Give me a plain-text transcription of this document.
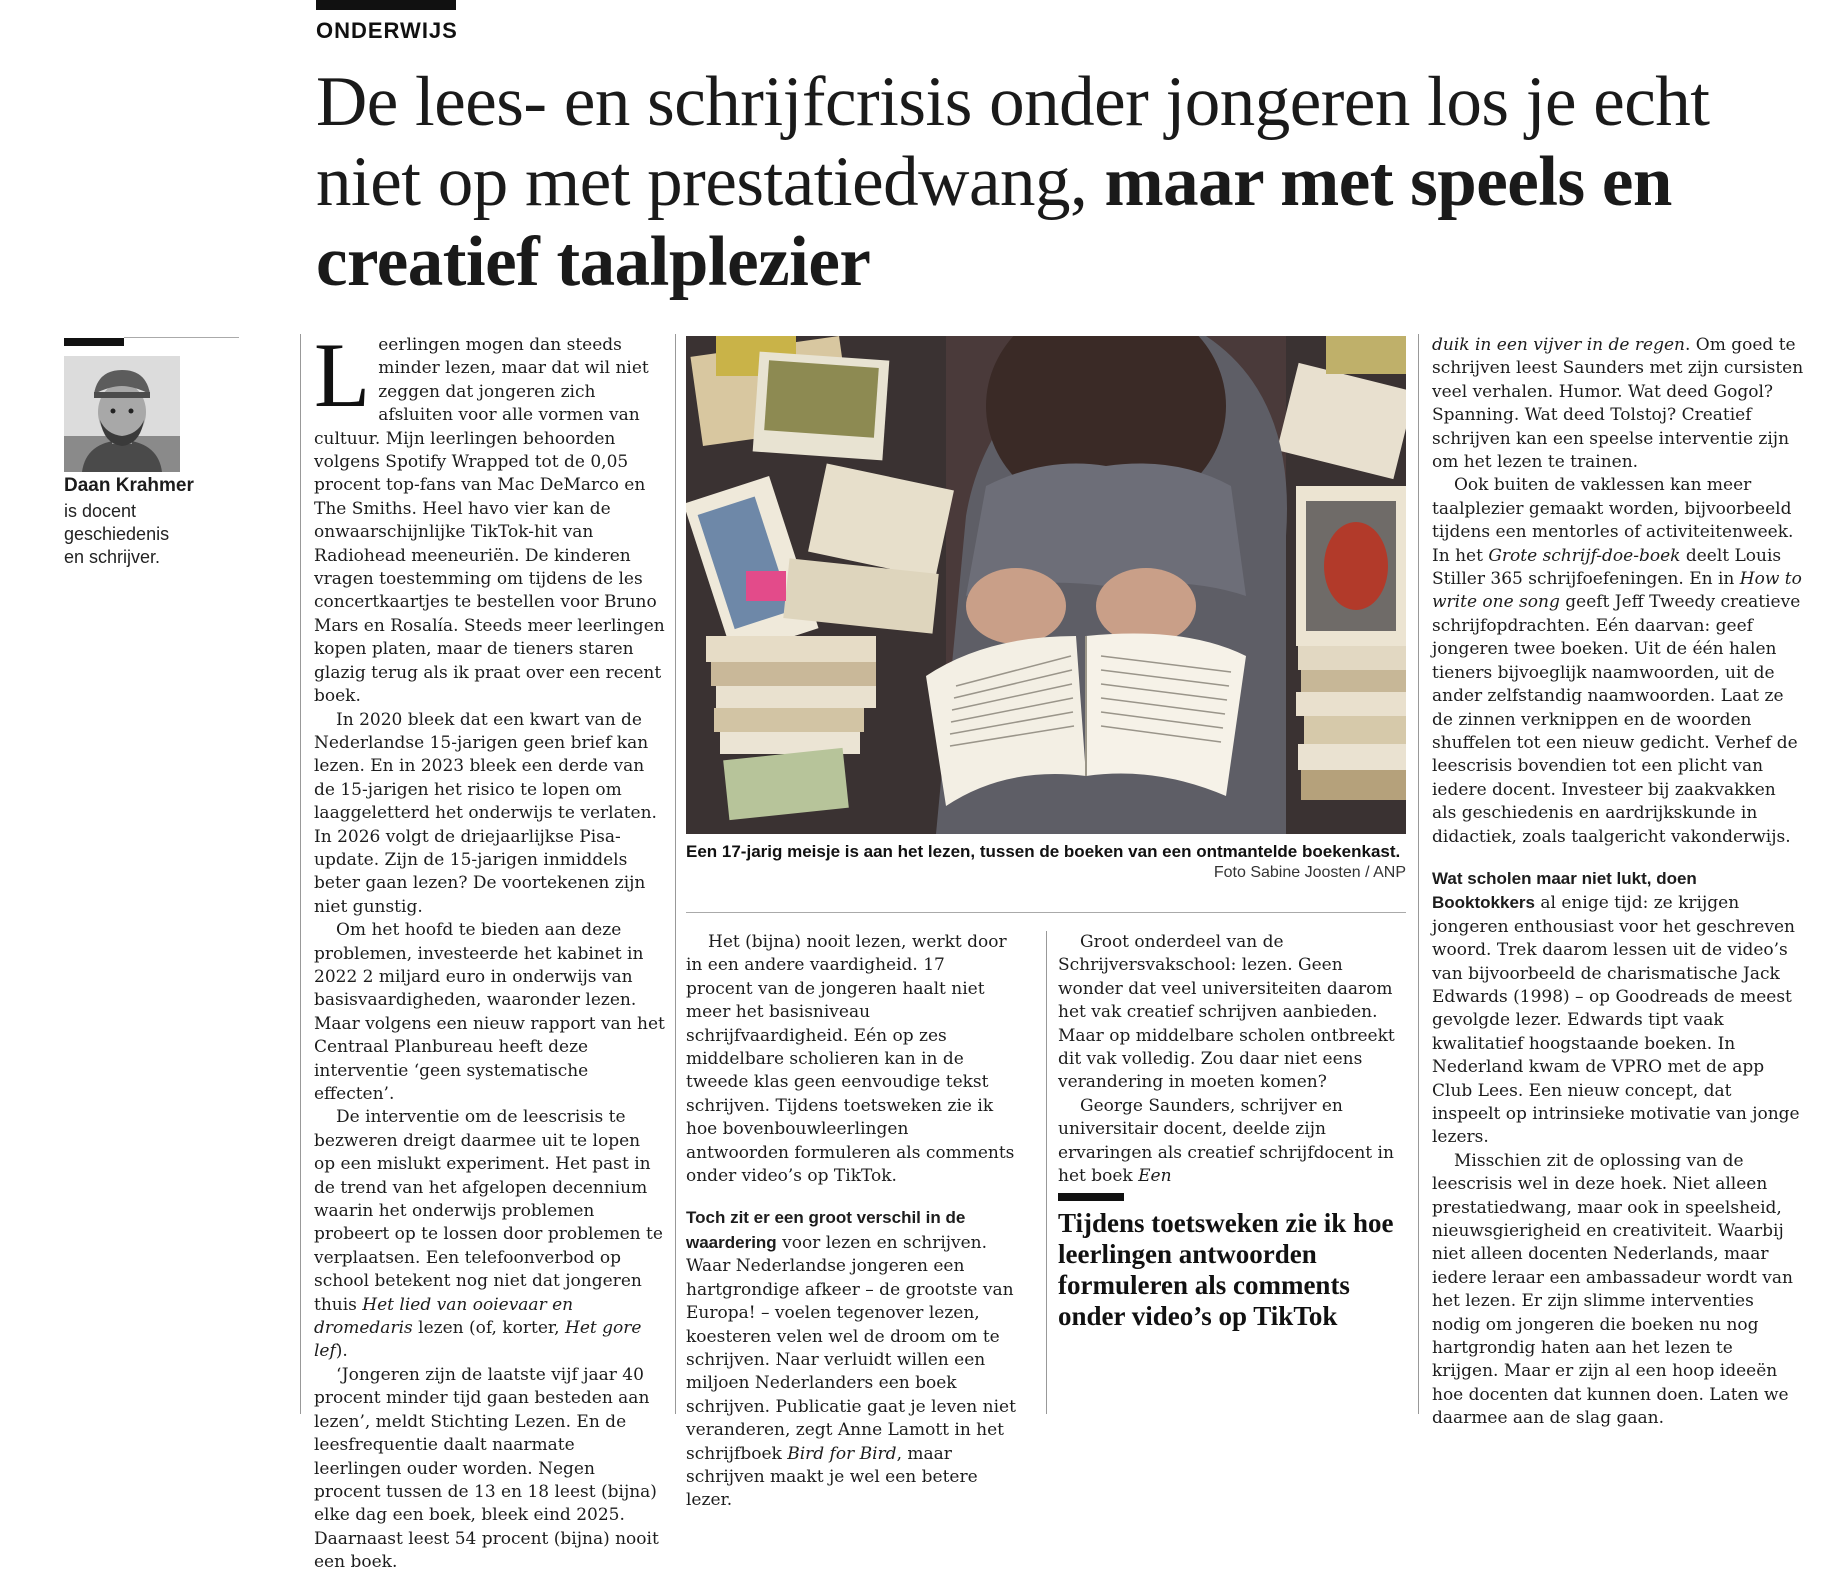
ONDERWIJS
De lees- en schrijfcrisis onder jongeren los je echt niet op met prestatiedwang, maar met speels en creatief taalplezier
Daan Krahmer
is docent geschiedenis en schrijver.

Leerlingen mogen dan steeds minder lezen, maar dat wil niet zeggen dat jongeren zich afsluiten voor alle vormen van cultuur. Mijn leerlingen behoorden volgens Spotify Wrapped tot de 0,05 procent top-fans van Mac DeMarco en The Smiths. Heel havo vier kan de onwaarschijnlijke TikTok-hit van Radiohead meeneuriën. De kinderen vragen toestemming om tijdens de les concertkaartjes te bestellen voor Bruno Mars en Rosalía. Steeds meer leerlingen kopen platen, maar de tieners staren glazig terug als ik praat over een recent boek.

In 2020 bleek dat een kwart van de Nederlandse 15-jarigen geen brief kan lezen. En in 2023 bleek een derde van de 15-jarigen het risico te lopen om laaggeletterd het onderwijs te verlaten. In 2026 volgt de driejaarlijkse Pisa-update. Zijn de 15-jarigen inmiddels beter gaan lezen? De voortekenen zijn niet gunstig.

Om het hoofd te bieden aan deze problemen, investeerde het kabinet in 2022 2 miljard euro in onderwijs van basisvaardigheden, waaronder lezen. Maar volgens een nieuw rapport van het Centraal Planbureau heeft deze interventie ‘geen systematische effecten’.

De interventie om de leescrisis te bezweren dreigt daarmee uit te lopen op een mislukt experiment. Het past in de trend van het afgelopen decennium waarin het onderwijs problemen probeert op te lossen door problemen te verplaatsen. Een telefoonverbod op school betekent nog niet dat jongeren thuis Het lied van ooievaar en dromedaris lezen (of, korter, Het gore lef).

‘Jongeren zijn de laatste vijf jaar 40 procent minder tijd gaan besteden aan lezen’, meldt Stichting Lezen. En de leesfrequentie daalt naarmate leerlingen ouder worden. Negen procent tussen de 13 en 18 leest (bijna) elke dag een boek, bleek eind 2025. Daarnaast leest 54 procent (bijna) nooit een boek.

Een 17-jarig meisje is aan het lezen, tussen de boeken van een ontmantelde boekenkast.
Foto Sabine Joosten / ANP

Het (bijna) nooit lezen, werkt door in een andere vaardigheid. 17 procent van de jongeren haalt niet meer het basisniveau schrijfvaardigheid. Eén op zes middelbare scholieren kan in de tweede klas geen eenvoudige tekst schrijven. Tijdens toetsweken zie ik hoe bovenbouwleerlingen antwoorden formuleren als comments onder video’s op TikTok.

Toch zit er een groot verschil in de waardering voor lezen en schrijven. Waar Nederlandse jongeren een hartgrondige afkeer – de grootste van Europa! – voelen tegenover lezen, koesteren velen wel de droom om te schrijven. Naar verluidt willen een miljoen Nederlanders een boek schrijven. Publicatie gaat je leven niet veranderen, zegt Anne Lamott in het schrijfboek Bird for Bird, maar schrijven maakt je wel een betere lezer.

Groot onderdeel van de Schrijversvakschool: lezen. Geen wonder dat veel universiteiten daarom het vak creatief schrijven aanbieden. Maar op middelbare scholen ontbreekt dit vak volledig. Zou daar niet eens verandering in moeten komen?

George Saunders, schrijver en universitair docent, deelde zijn ervaringen als creatief schrijfdocent in het boek Een

Tijdens toetsweken zie ik hoe leerlingen antwoorden formuleren als comments onder video’s op TikTok

duik in een vijver in de regen. Om goed te schrijven leest Saunders met zijn cursisten veel verhalen. Humor. Wat deed Gogol? Spanning. Wat deed Tolstoj? Creatief schrijven kan een speelse interventie zijn om het lezen te trainen.

Ook buiten de vaklessen kan meer taalplezier gemaakt worden, bijvoorbeeld tijdens een mentorles of activiteitenweek. In het Grote schrijf-doe-boek deelt Louis Stiller 365 schrijfoefeningen. En in How to write one song geeft Jeff Tweedy creatieve schrijfopdrachten. Eén daarvan: geef jongeren twee boeken. Uit de één halen tieners bijvoeglijk naamwoorden, uit de ander zelfstandig naamwoorden. Laat ze de zinnen verknippen en de woorden shuffelen tot een nieuw gedicht. Verhef de leescrisis bovendien tot een plicht van iedere docent. Investeer bij zaakvakken als geschiedenis en aardrijkskunde in didactiek, zoals taalgericht vakonderwijs.

Wat scholen maar niet lukt, doen Booktokkers al enige tijd: ze krijgen jongeren enthousiast voor het geschreven woord. Trek daarom lessen uit de video’s van bijvoorbeeld de charismatische Jack Edwards (1998) – op Goodreads de meest gevolgde lezer. Edwards tipt vaak kwalitatief hoogstaande boeken. In Nederland kwam de VPRO met de app Club Lees. Een nieuw concept, dat inspeelt op intrinsieke motivatie van jonge lezers.

Misschien zit de oplossing van de leescrisis wel in deze hoek. Niet alleen prestatiedwang, maar ook in speelsheid, nieuwsgierigheid en creativiteit. Waarbij niet alleen docenten Nederlands, maar iedere leraar een ambassadeur wordt van het lezen. Er zijn slimme interventies nodig om jongeren die boeken nu nog hartgrondig haten aan het lezen te krijgen. Maar er zijn al een hoop ideeën hoe docenten dat kunnen doen. Laten we daarmee aan de slag gaan.
